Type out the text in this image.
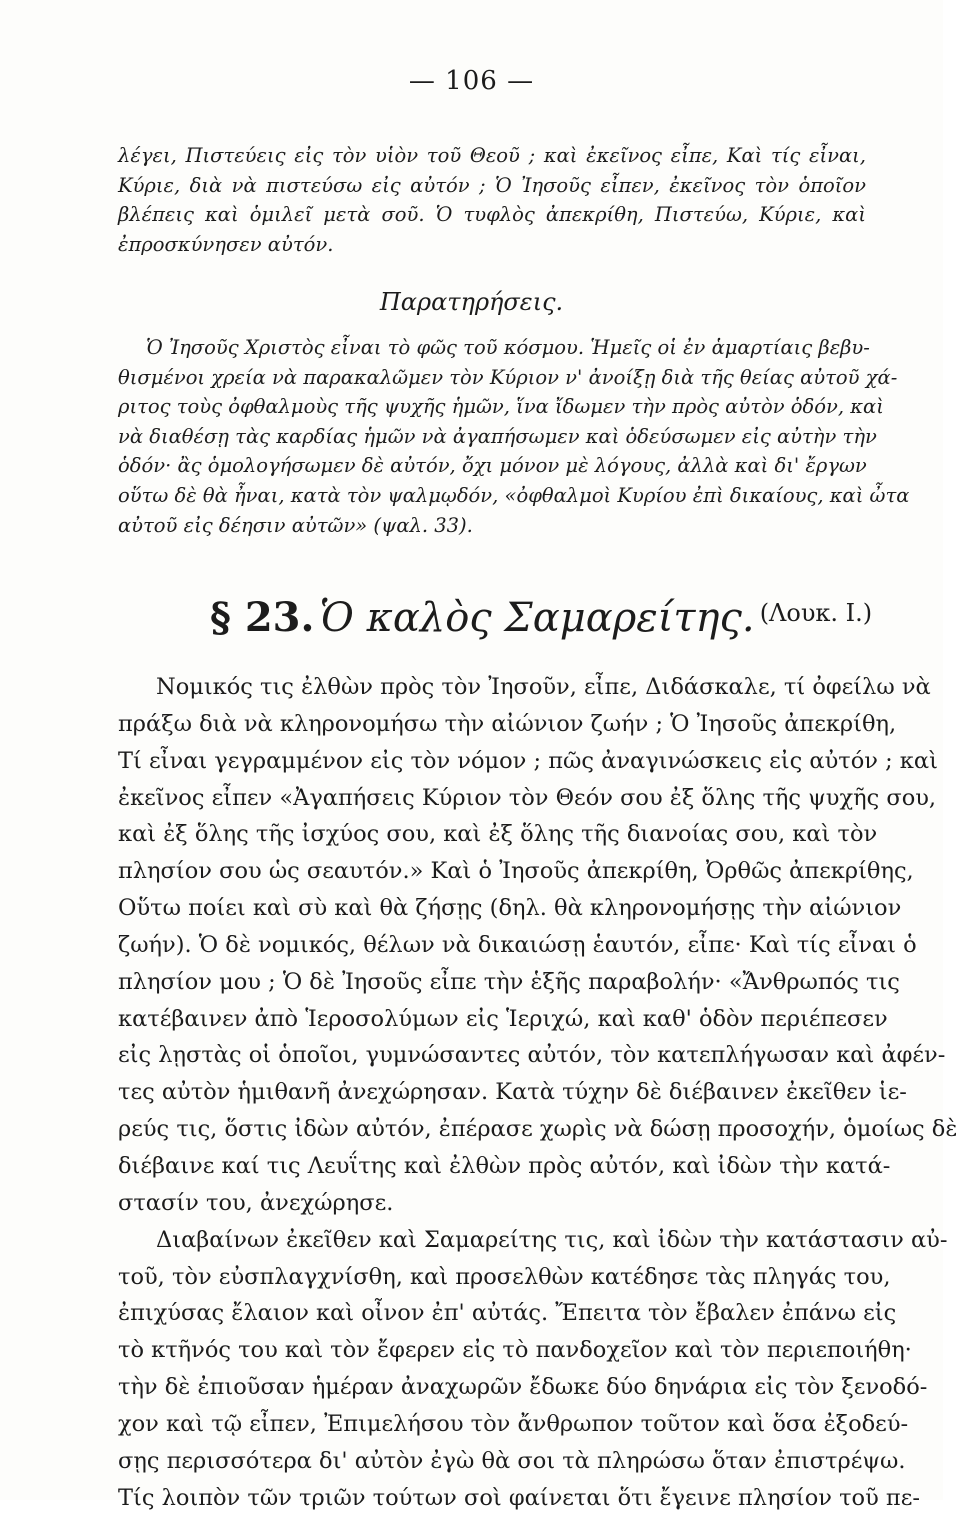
— 106 —
λέγει, Πιστεύεις εἰς τὸν υἱὸν τοῦ Θεοῦ ; καὶ ἐκεῖνος εἶπε, Καὶ τίς εἶναι,
Κύριε, διὰ νὰ πιστεύσω εἰς αὐτόν ; Ὁ Ἰησοῦς εἶπεν, ἐκεῖνος τὸν ὁποῖον
βλέπεις καὶ ὁμιλεῖ μετὰ σοῦ. Ὁ τυφλὸς ἀπεκρίθη, Πιστεύω, Κύριε, καὶ
ἐπροσκύνησεν αὐτόν.
Παρατηρήσεις.
Ὁ Ἰησοῦς Χριστὸς εἶναι τὸ φῶς τοῦ κόσμου. Ἡμεῖς οἱ ἐν ἁμαρτίαις βεβυ-
θισμένοι χρεία νὰ παρακαλῶμεν τὸν Κύριον ν' ἀνοίξῃ διὰ τῆς θείας αὐτοῦ χά-
ριτος τοὺς ὀφθαλμοὺς τῆς ψυχῆς ἡμῶν, ἵνα ἴδωμεν τὴν πρὸς αὐτὸν ὁδόν, καὶ
νὰ διαθέσῃ τὰς καρδίας ἡμῶν νὰ ἀγαπήσωμεν καὶ ὁδεύσωμεν εἰς αὐτὴν τὴν
ὁδόν· ἂς ὁμολογήσωμεν δὲ αὐτόν, ὄχι μόνον μὲ λόγους, ἀλλὰ καὶ δι' ἔργων
οὕτω δὲ θὰ ἦναι, κατὰ τὸν ψαλμῳδόν, «ὀφθαλμοὶ Κυρίου ἐπὶ δικαίους, καὶ ὦτα
αὐτοῦ εἰς δέησιν αὐτῶν» (ψαλ. 33).
§ 23. Ὁ καλὸς Σαμαρείτης. (Λουκ. Ι.)
Νομικός τις ἐλθὼν πρὸς τὸν Ἰησοῦν, εἶπε, Διδάσκαλε, τί ὀφείλω νὰ
πράξω διὰ νὰ κληρονομήσω τὴν αἰώνιον ζωήν ; Ὁ Ἰησοῦς ἀπεκρίθη,
Τί εἶναι γεγραμμένον εἰς τὸν νόμον ; πῶς ἀναγινώσκεις εἰς αὐτόν ; καὶ
ἐκεῖνος εἶπεν «Ἀγαπήσεις Κύριον τὸν Θεόν σου ἐξ ὅλης τῆς ψυχῆς σου,
καὶ ἐξ ὅλης τῆς ἰσχύος σου, καὶ ἐξ ὅλης τῆς διανοίας σου, καὶ τὸν
πλησίον σου ὡς σεαυτόν.» Καὶ ὁ Ἰησοῦς ἀπεκρίθη, Ὀρθῶς ἀπεκρίθης,
Οὕτω ποίει καὶ σὺ καὶ θὰ ζήσῃς (δηλ. θὰ κληρονομήσῃς τὴν αἰώνιον
ζωήν). Ὁ δὲ νομικός, θέλων νὰ δικαιώσῃ ἑαυτόν, εἶπε· Καὶ τίς εἶναι ὁ
πλησίον μου ; Ὁ δὲ Ἰησοῦς εἶπε τὴν ἑξῆς παραβολήν· «Ἄνθρωπός τις
κατέβαινεν ἀπὸ Ἱεροσολύμων εἰς Ἱεριχώ, καὶ καθ' ὁδὸν περιέπεσεν
εἰς λῃστὰς οἱ ὁποῖοι, γυμνώσαντες αὐτόν, τὸν κατεπλήγωσαν καὶ ἀφέν-
τες αὐτὸν ἡμιθανῆ ἀνεχώρησαν. Κατὰ τύχην δὲ διέβαινεν ἐκεῖθεν ἱε-
ρεύς τις, ὅστις ἰδὼν αὐτόν, ἐπέρασε χωρὶς νὰ δώσῃ προσοχήν, ὁμοίως δὲ
διέβαινε καί τις Λευΐτης καὶ ἐλθὼν πρὸς αὐτόν, καὶ ἰδὼν τὴν κατά-
στασίν του, ἀνεχώρησε.
Διαβαίνων ἐκεῖθεν καὶ Σαμαρείτης τις, καὶ ἰδὼν τὴν κατάστασιν αὐ-
τοῦ, τὸν εὐσπλαγχνίσθη, καὶ προσελθὼν κατέδησε τὰς πληγάς του,
ἐπιχύσας ἔλαιον καὶ οἶνον ἐπ' αὐτάς. Ἔπειτα τὸν ἔβαλεν ἐπάνω εἰς
τὸ κτῆνός του καὶ τὸν ἔφερεν εἰς τὸ πανδοχεῖον καὶ τὸν περιεποιήθη·
τὴν δὲ ἐπιοῦσαν ἡμέραν ἀναχωρῶν ἔδωκε δύο δηνάρια εἰς τὸν ξενοδό-
χον καὶ τῷ εἶπεν, Ἐπιμελήσου τὸν ἄνθρωπον τοῦτον καὶ ὅσα ἐξοδεύ-
σῃς περισσότερα δι' αὐτὸν ἐγὼ θὰ σοι τὰ πληρώσω ὅταν ἐπιστρέψω.
Τίς λοιπὸν τῶν τριῶν τούτων σοὶ φαίνεται ὅτι ἔγεινε πλησίον τοῦ πε-
